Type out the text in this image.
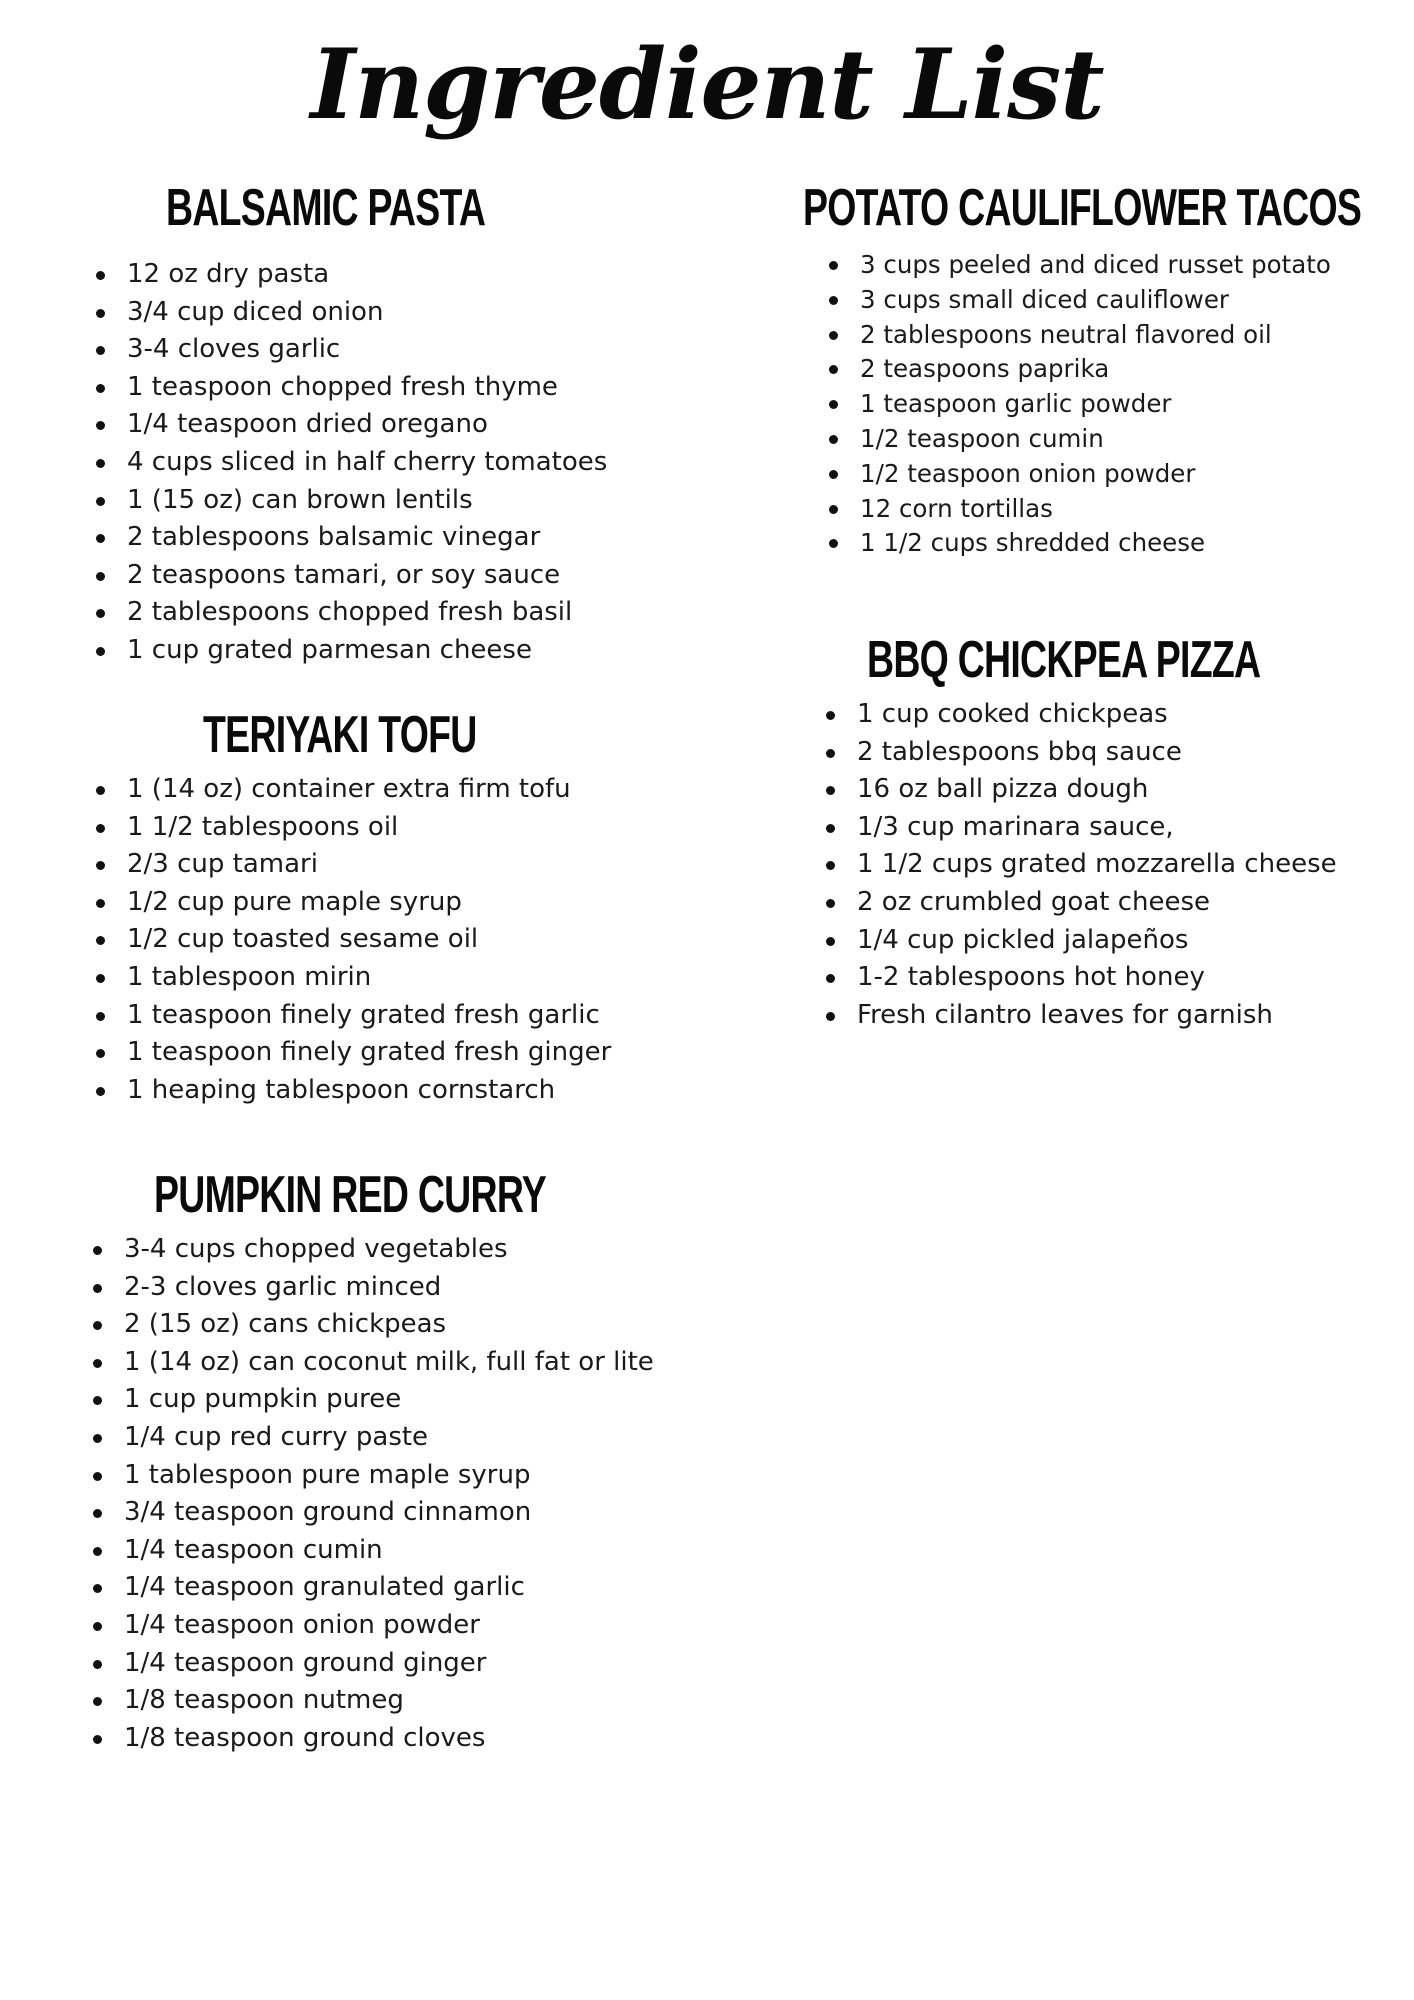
Ingredient List
BALSAMIC PASTA
12 oz dry pasta
3/4 cup diced onion
3-4 cloves garlic
1 teaspoon chopped fresh thyme
1/4 teaspoon dried oregano
4 cups sliced in half cherry tomatoes
1 (15 oz) can brown lentils
2 tablespoons balsamic vinegar
2 teaspoons tamari, or soy sauce
2 tablespoons chopped fresh basil
1 cup grated parmesan cheese
TERIYAKI TOFU
1 (14 oz) container extra firm tofu
1 1/2 tablespoons oil
2/3 cup tamari
1/2 cup pure maple syrup
1/2 cup toasted sesame oil
1 tablespoon mirin
1 teaspoon finely grated fresh garlic
1 teaspoon finely grated fresh ginger
1 heaping tablespoon cornstarch
PUMPKIN RED CURRY
3-4 cups chopped vegetables
2-3 cloves garlic minced
2 (15 oz) cans chickpeas
1 (14 oz) can coconut milk, full fat or lite
1 cup pumpkin puree
1/4 cup red curry paste
1 tablespoon pure maple syrup
3/4 teaspoon ground cinnamon
1/4 teaspoon cumin
1/4 teaspoon granulated garlic
1/4 teaspoon onion powder
1/4 teaspoon ground ginger
1/8 teaspoon nutmeg
1/8 teaspoon ground cloves
POTATO CAULIFLOWER TACOS
3 cups peeled and diced russet potato
3 cups small diced cauliflower
2 tablespoons neutral flavored oil
2 teaspoons paprika
1 teaspoon garlic powder
1/2 teaspoon cumin
1/2 teaspoon onion powder
12 corn tortillas
1 1/2 cups shredded cheese
BBQ CHICKPEA PIZZA
1 cup cooked chickpeas
2 tablespoons bbq sauce
16 oz ball pizza dough
1/3 cup marinara sauce,
1 1/2 cups grated mozzarella cheese
2 oz crumbled goat cheese
1/4 cup pickled jalapeños
1-2 tablespoons hot honey
Fresh cilantro leaves for garnish
